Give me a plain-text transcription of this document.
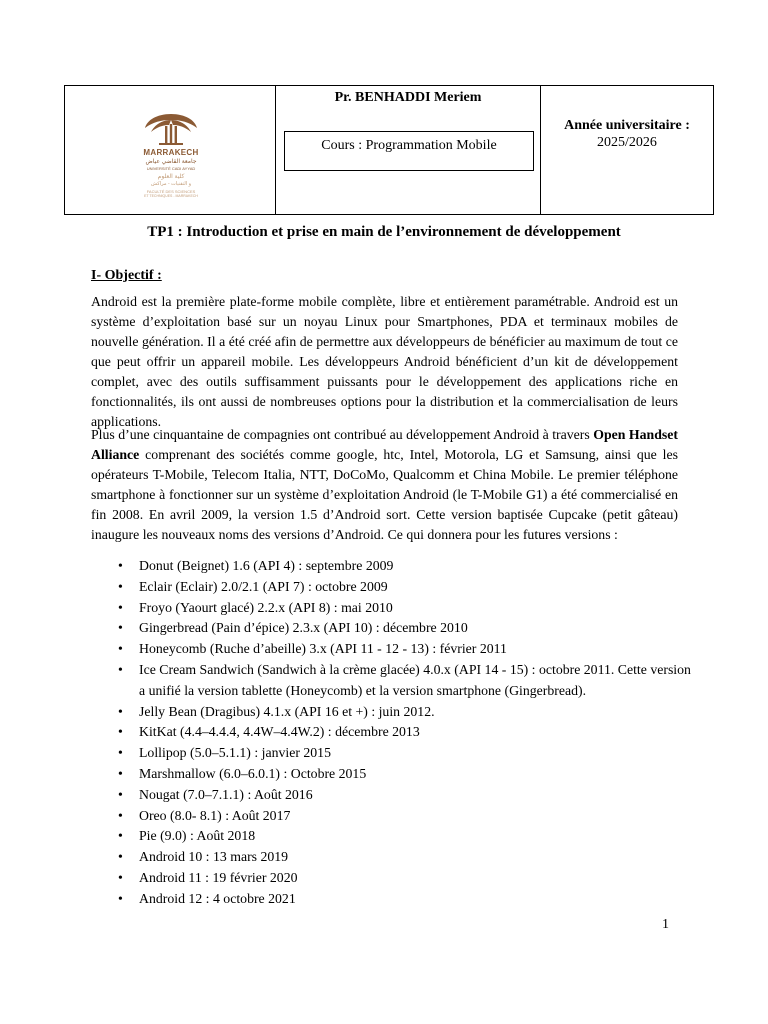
MARRAKECH
جامعة القاضي عياض
UNIVERSITÉ CADI AYYAD
كلية العلوم
و التقنيات - مراكش
FACULTÉ DES SCIENCES
ET TECHNIQUES - MARRAKECH
Pr. BENHADDI Meriem
Cours : Programmation Mobile
Année universitaire :
2025/2026
TP1 : Introduction et prise en main de l’environnement de développement
I- Objectif :

Android est la première plate-forme mobile complète, libre et entièrement paramétrable. Android est un système d’exploitation basé sur un noyau Linux pour Smartphones, PDA et terminaux mobiles de nouvelle génération. Il a été créé afin de permettre aux développeurs de bénéficier au maximum de tout ce que peut offrir un appareil mobile. Les développeurs Android bénéficient d’un kit de développement complet, avec des outils suffisamment puissants pour le développement des applications riche en fonctionnalités, ils ont aussi de nombreuses options pour la distribution et la commercialisation de leurs applications.

Plus d’une cinquantaine de compagnies ont contribué au développement Android à travers Open Handset Alliance comprenant des sociétés comme google, htc, Intel, Motorola, LG et Samsung, ainsi que les opérateurs T-Mobile, Telecom Italia, NTT, DoCoMo, Qualcomm et China Mobile. Le premier téléphone smartphone à fonctionner sur un système d’exploitation Android (le T-Mobile G1) a été commercialisé en fin 2008. En avril 2009, la version 1.5 d’Android sort. Cette version baptisée Cupcake (petit gâteau) inaugure les nouveaux noms des versions d’Android. Ce qui donnera pour les futures versions :

• Donut (Beignet) 1.6 (API 4) : septembre 2009
• Eclair (Eclair) 2.0/2.1 (API 7) : octobre 2009
• Froyo (Yaourt glacé) 2.2.x (API 8) : mai 2010
• Gingerbread (Pain d’épice) 2.3.x (API 10) : décembre 2010
• Honeycomb (Ruche d’abeille) 3.x (API 11 - 12 - 13) : février 2011
• Ice Cream Sandwich (Sandwich à la crème glacée) 4.0.x (API 14 - 15) : octobre 2011. Cette version a unifié la version tablette (Honeycomb) et la version smartphone (Gingerbread).
• Jelly Bean (Dragibus) 4.1.x (API 16 et +) : juin 2012.
• KitKat (4.4–4.4.4, 4.4W–4.4W.2) : décembre 2013
• Lollipop (5.0–5.1.1) : janvier 2015
• Marshmallow (6.0–6.0.1) : Octobre 2015
• Nougat (7.0–7.1.1) : Août 2016
• Oreo (8.0- 8.1) : Août 2017
• Pie (9.0) : Août 2018
• Android 10 : 13 mars 2019
• Android 11 : 19 février 2020
• Android 12 : 4 octobre 2021
1
